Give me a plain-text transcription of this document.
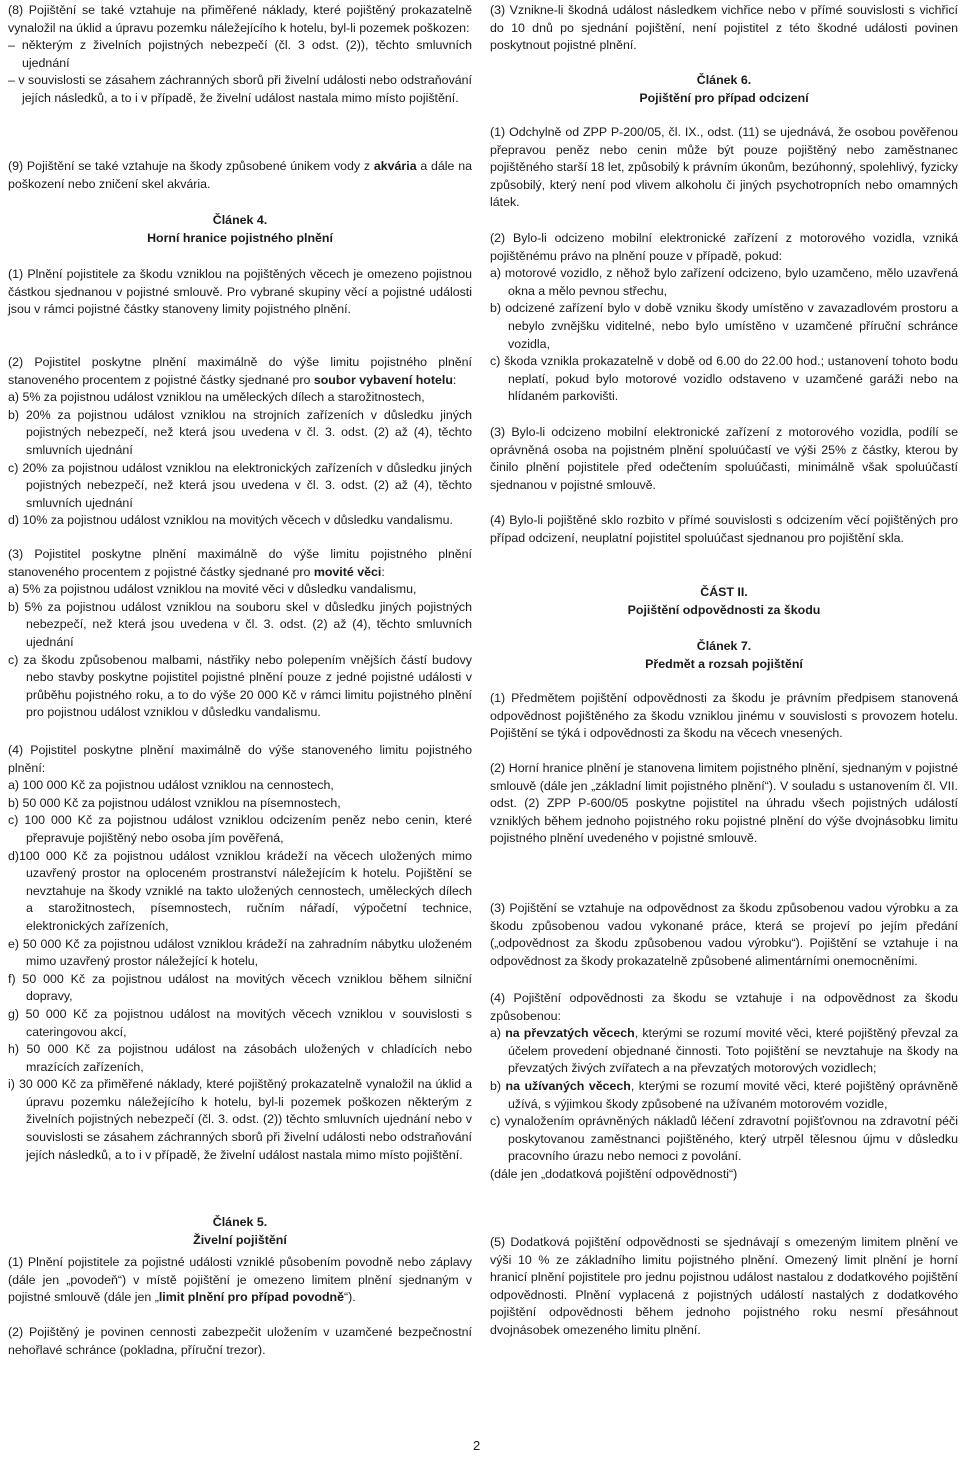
(8) Pojištění se také vztahuje na přiměřené náklady, které pojištěný prokazatelně vynaložil na úklid a úpravu pozemku náležejícího k hotelu, byl-li pozemek poškozen:

– některým z živelních pojistných nebezpečí (čl. 3 odst. (2)), těchto smluvních ujednání

– v souvislosti se zásahem záchranných sborů při živelní události nebo odstraňování jejích následků, a to i v případě, že živelní událost nastala mimo místo pojištění.

(9) Pojištění se také vztahuje na škody způsobené únikem vody z akvária a dále na poškození nebo zničení skel akvária.

Článek 4.

Horní hranice pojistného plnění

(1) Plnění pojistitele za škodu vzniklou na pojištěných věcech je omezeno pojistnou částkou sjednanou v pojistné smlouvě. Pro vybrané skupiny věcí a pojistné události jsou v rámci pojistné částky stanoveny limity pojistného plnění.

(2) Pojistitel poskytne plnění maximálně do výše limitu pojistného plnění stanoveného procentem z pojistné částky sjednané pro soubor vybavení hotelu:

a) 5% za pojistnou událost vzniklou na uměleckých dílech a starožitnostech,

b) 20% za pojistnou událost vzniklou na strojních zařízeních v důsledku jiných pojistných nebezpečí, než která jsou uvedena v čl. 3. odst. (2) až (4), těchto smluvních ujednání

c) 20% za pojistnou událost vzniklou na elektronických zařízeních v důsledku jiných pojistných nebezpečí, než která jsou uvedena v čl. 3. odst. (2) až (4), těchto smluvních ujednání

d) 10% za pojistnou událost vzniklou na movitých věcech v důsledku vandalismu.

(3) Pojistitel poskytne plnění maximálně do výše limitu pojistného plnění stanoveného procentem z pojistné částky sjednané pro movité věci:

a) 5% za pojistnou událost vzniklou na movité věci v důsledku vandalismu,

b) 5% za pojistnou událost vzniklou na souboru skel v důsledku jiných pojistných nebezpečí, než která jsou uvedena v čl. 3. odst. (2) až (4), těchto smluvních ujednání

c) za škodu způsobenou malbami, nástřiky nebo polepením vnějších částí budovy nebo stavby poskytne pojistitel pojistné plnění pouze z jedné pojistné události v průběhu pojistného roku, a to do výše 20 000 Kč v rámci limitu pojistného plnění pro pojistnou událost vzniklou v důsledku vandalismu.

(4) Pojistitel poskytne plnění maximálně do výše stanoveného limitu pojistného plnění:

a) 100 000 Kč za pojistnou událost vzniklou na cennostech,

b) 50 000 Kč za pojistnou událost vzniklou na písemnostech,

c) 100 000 Kč za pojistnou událost vzniklou odcizením peněz nebo cenin, které přepravuje pojištěný nebo osoba jím pověřená,

d)100 000 Kč za pojistnou událost vzniklou krádeží na věcech uložených mimo uzavřený prostor na oploceném prostranství náležejícím k hotelu. Pojištění se nevztahuje na škody vzniklé na takto uložených cennostech, uměleckých dílech a starožitnostech, písemnostech, ručním nářadí, výpočetní technice, elektronických zařízeních,

e) 50 000 Kč za pojistnou událost vzniklou krádeží na zahradním nábytku uloženém mimo uzavřený prostor náležející k hotelu,

f) 50 000 Kč za pojistnou událost na movitých věcech vzniklou během silniční dopravy,

g) 50 000 Kč za pojistnou událost na movitých věcech vzniklou v souvislosti s cateringovou akcí,

h) 50 000 Kč za pojistnou událost na zásobách uložených v chladících nebo mrazících zařízeních,

i) 30 000 Kč za přiměřené náklady, které pojištěný prokazatelně vynaložil na úklid a úpravu pozemku náležejícího k hotelu, byl-li pozemek poškozen některým z živelních pojistných nebezpečí (čl. 3. odst. (2)) těchto smluvních ujednání nebo v souvislosti se zásahem záchranných sborů při živelní události nebo odstraňování jejích následků, a to i v případě, že živelní událost nastala mimo místo pojištění.

Článek 5.

Živelní pojištění

(1) Plnění pojistitele za pojistné události vzniklé působením povodně nebo záplavy (dále jen „povodeň“) v místě pojištění je omezeno limitem plnění sjednaným v pojistné smlouvě (dále jen „limit plnění pro případ povodně“).

(2) Pojištěný je povinen cennosti zabezpečit uložením v uzamčené bezpečnostní nehořlavé schránce (pokladna, příruční trezor).

(3) Vznikne-li škodná událost následkem vichřice nebo v přímé souvislosti s vichřicí do 10 dnů po sjednání pojištění, není pojistitel z této škodné události povinen poskytnout pojistné plnění.

Článek 6.

Pojištění pro případ odcizení

(1) Odchylně od ZPP P-200/05, čl. IX., odst. (11) se ujednává, že osobou pověřenou přepravou peněz nebo cenin může být pouze pojištěný nebo zaměstnanec pojištěného starší 18 let, způsobilý k právním úkonům, bezúhonný, spolehlivý, fyzicky způsobilý, který není pod vlivem alkoholu či jiných psychotropních nebo omamných látek.

(2) Bylo-li odcizeno mobilní elektronické zařízení z motorového vozidla, vzniká pojištěnému právo na plnění pouze v případě, pokud:

a) motorové vozidlo, z něhož bylo zařízení odcizeno, bylo uzamčeno, mělo uzavřená okna a mělo pevnou střechu,

b) odcizené zařízení bylo v době vzniku škody umístěno v zavazadlovém prostoru a nebylo zvnějšku viditelné, nebo bylo umístěno v uzamčené příruční schránce vozidla,

c) škoda vznikla prokazatelně v době od 6.00 do 22.00 hod.; ustanovení tohoto bodu neplatí, pokud bylo motorové vozidlo odstaveno v uzamčené garáži nebo na hlídaném parkovišti.

(3) Bylo-li odcizeno mobilní elektronické zařízení z motorového vozidla, podílí se oprávněná osoba na pojistném plnění spoluúčastí ve výši 25% z částky, kterou by činilo plnění pojistitele před odečtením spoluúčasti, minimálně však spoluúčastí sjednanou v pojistné smlouvě.

(4) Bylo-li pojištěné sklo rozbito v přímé souvislosti s odcizením věcí pojištěných pro případ odcizení, neuplatní pojistitel spoluúčast sjednanou pro pojištění skla.

ČÁST II.

Pojištění odpovědnosti za škodu

Článek 7.

Předmět a rozsah pojištění

(1) Předmětem pojištění odpovědnosti za škodu je právním předpisem stanovená odpovědnost pojištěného za škodu vzniklou jinému v souvislosti s provozem hotelu. Pojištění se týká i odpovědnosti za škodu na věcech vnesených.

(2) Horní hranice plnění je stanovena limitem pojistného plnění, sjednaným v pojistné smlouvě (dále jen „základní limit pojistného plnění“). V souladu s ustanovením čl. VII. odst. (2) ZPP P-600/05 poskytne pojistitel na úhradu všech pojistných událostí vzniklých během jednoho pojistného roku pojistné plnění do výše dvojnásobku limitu pojistného plnění uvedeného v pojistné smlouvě.

(3) Pojištění se vztahuje na odpovědnost za škodu způsobenou vadou výrobku a za škodu způsobenou vadou vykonané práce, která se projeví po jejím předání („odpovědnost za škodu způsobenou vadou výrobku“). Pojištění se vztahuje i na odpovědnost za škody prokazatelně způsobené alimentárními onemocněními.

(4) Pojištění odpovědnosti za škodu se vztahuje i na odpovědnost za škodu způsobenou:

a) na převzatých věcech, kterými se rozumí movité věci, které pojištěný převzal za účelem provedení objednané činnosti. Toto pojištění se nevztahuje na škody na převzatých živých zvířatech a na převzatých motorových vozidlech;

b) na užívaných věcech, kterými se rozumí movité věci, které pojištěný oprávněně užívá, s výjimkou škody způsobené na užívaném motorovém vozidle,

c) vynaložením oprávněných nákladů léčení zdravotní pojišťovnou na zdravotní péči poskytovanou zaměstnanci pojištěného, který utrpěl tělesnou újmu v důsledku pracovního úrazu nebo nemoci z povolání.

(dále jen „dodatková pojištění odpovědnosti“)

(5) Dodatková pojištění odpovědnosti se sjednávají s omezeným limitem plnění ve výši 10 % ze základního limitu pojistného plnění. Omezený limit plnění je horní hranicí plnění pojistitele pro jednu pojistnou událost nastalou z dodatkového pojištění odpovědnosti. Plnění vyplacená z pojistných událostí nastalých z dodatkového pojištění odpovědnosti během jednoho pojistného roku nesmí přesáhnout dvojnásobek omezeného limitu plnění.

2
